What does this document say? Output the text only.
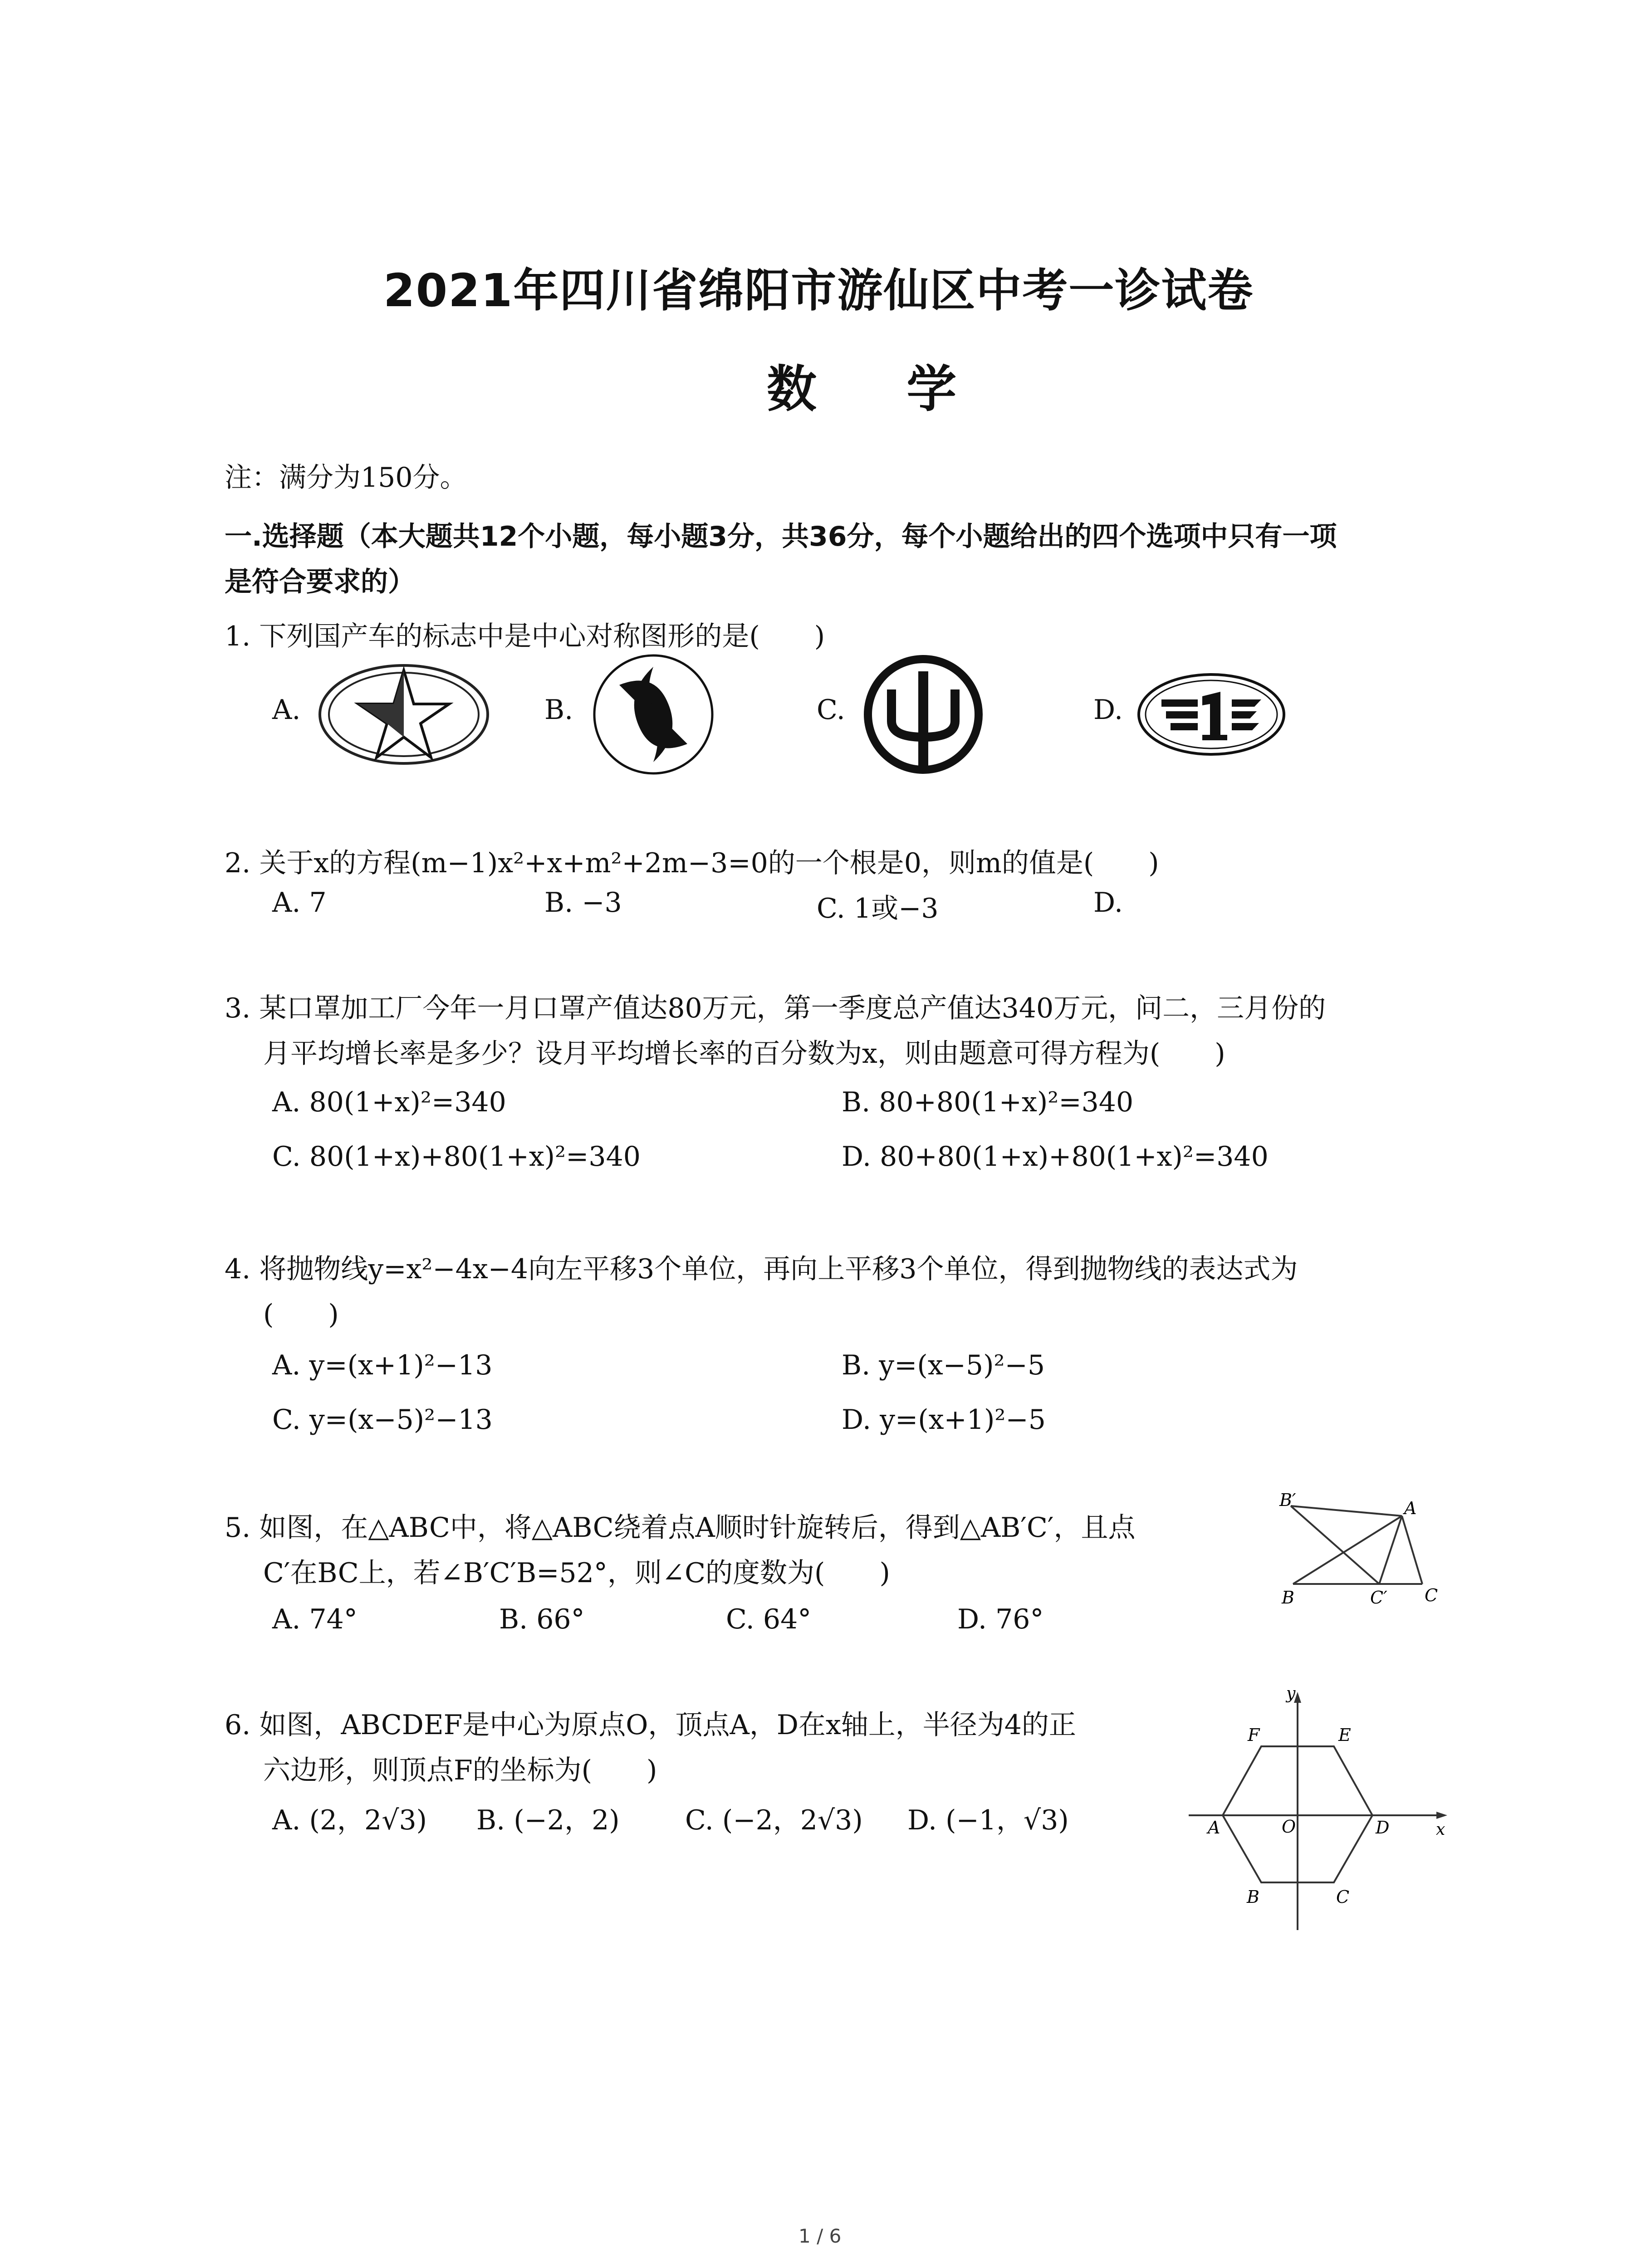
2021年四川省绵阳市游仙区中考一诊试卷
数 学
注：满分为150分。
一.选择题（本大题共12个小题，每小题3分，共36分，每个小题给出的四个选项中只有一项
是符合要求的）
1. 下列国产车的标志中是中心对称图形的是(　　)
A.	B.	C.	D.
2. 关于x的方程(m−1)x²+x+m²+2m−3=0的一个根是0，则m的值是(　　)
A. 7	B. −3	C. 1或−3	D.
3. 某口罩加工厂今年一月口罩产值达80万元，第一季度总产值达340万元，问二，三月份的
月平均增长率是多少？设月平均增长率的百分数为x，则由题意可得方程为(　　)
A. 80(1+x)²=340	B. 80+80(1+x)²=340
C. 80(1+x)+80(1+x)²=340	D. 80+80(1+x)+80(1+x)²=340
4. 将抛物线y=x²−4x−4向左平移3个单位，再向上平移3个单位，得到抛物线的表达式为
(　　)
A. y=(x+1)²−13	B. y=(x−5)²−5
C. y=(x−5)²−13	D. y=(x+1)²−5
5. 如图，在△ABC中，将△ABC绕着点A顺时针旋转后，得到△AB′C′，且点
C′在BC上，若∠B′C′B=52°，则∠C的度数为(　　)
A. 74°	B. 66°	C. 64°	D. 76°
B′	A
B	C′ C
6. 如图，ABCDEF是中心为原点O，顶点A，D在x轴上，半径为4的正
六边形，则顶点F的坐标为(　　)
A. (2，2√3) B. (−2，2) C. (−2，2√3) D. (−1，√3)
y
x
F	E
A	O	D
B	C
1 / 6
